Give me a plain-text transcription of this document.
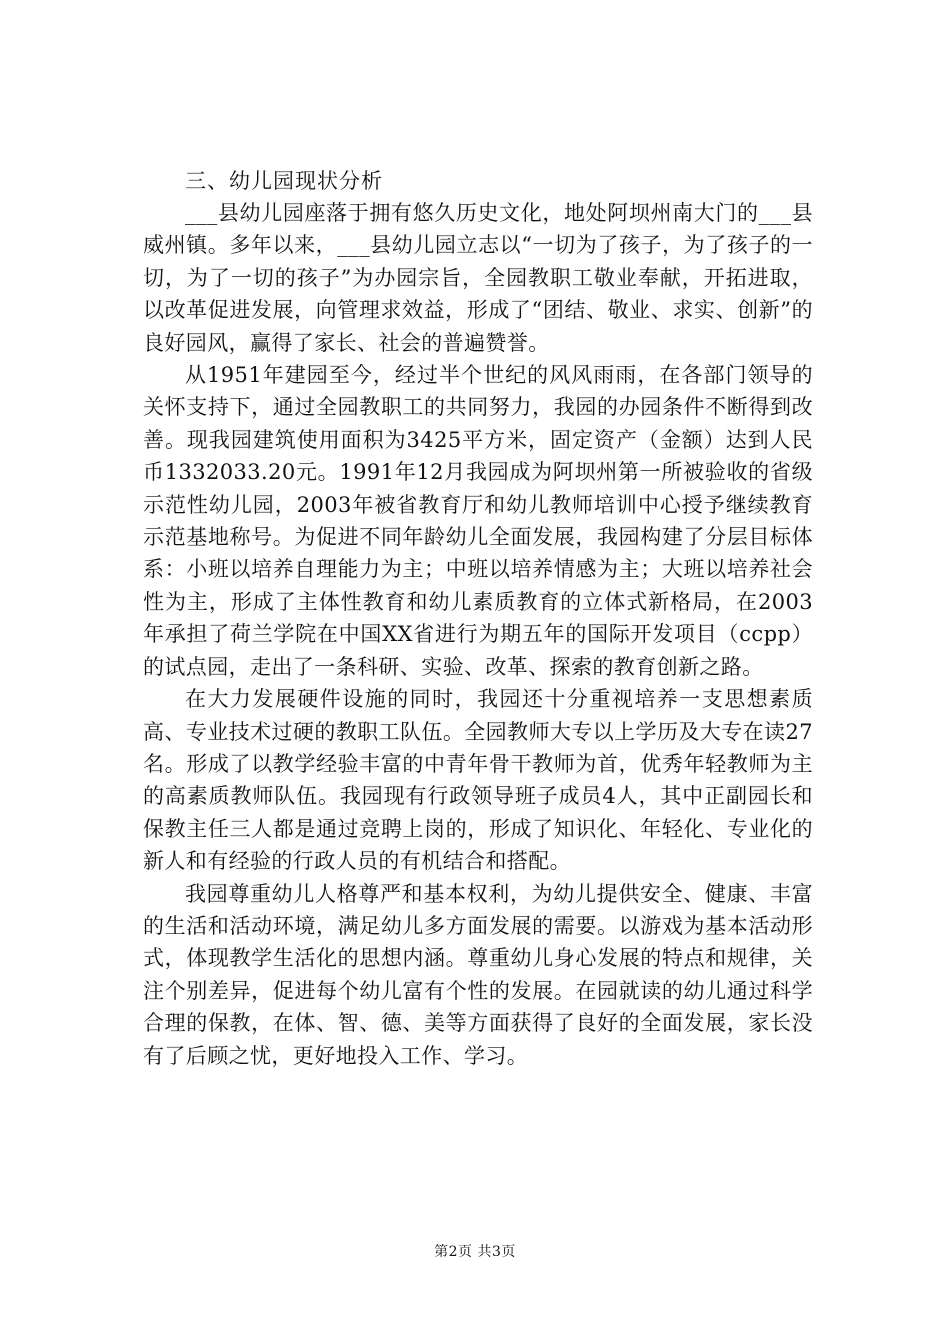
三、幼儿园现状分析

___县幼儿园座落于拥有悠久历史文化，地处阿坝州南大门的___县威州镇。多年以来，___县幼儿园立志以“一切为了孩子，为了孩子的一切，为了一切的孩子”为办园宗旨，全园教职工敬业奉献，开拓进取，以改革促进发展，向管理求效益，形成了“团结、敬业、求实、创新”的良好园风，赢得了家长、社会的普遍赞誉。

从1951年建园至今，经过半个世纪的风风雨雨，在各部门领导的关怀支持下，通过全园教职工的共同努力，我园的办园条件不断得到改善。现我园建筑使用面积为3425平方米，固定资产（金额）达到人民币1332033.20元。1991年12月我园成为阿坝州第一所被验收的省级示范性幼儿园，2003年被省教育厅和幼儿教师培训中心授予继续教育示范基地称号。为促进不同年龄幼儿全面发展，我园构建了分层目标体系：小班以培养自理能力为主；中班以培养情感为主；大班以培养社会性为主，形成了主体性教育和幼儿素质教育的立体式新格局，在2003年承担了荷兰学院在中国XX省进行为期五年的国际开发项目（ccpp）的试点园，走出了一条科研、实验、改革、探索的教育创新之路。

在大力发展硬件设施的同时，我园还十分重视培养一支思想素质高、专业技术过硬的教职工队伍。全园教师大专以上学历及大专在读27名。形成了以教学经验丰富的中青年骨干教师为首，优秀年轻教师为主的高素质教师队伍。我园现有行政领导班子成员4人，其中正副园长和保教主任三人都是通过竞聘上岗的，形成了知识化、年轻化、专业化的新人和有经验的行政人员的有机结合和搭配。

我园尊重幼儿人格尊严和基本权利，为幼儿提供安全、健康、丰富的生活和活动环境，满足幼儿多方面发展的需要。以游戏为基本活动形式，体现教学生活化的思想内涵。尊重幼儿身心发展的特点和规律，关注个别差异，促进每个幼儿富有个性的发展。在园就读的幼儿通过科学合理的保教，在体、智、德、美等方面获得了良好的全面发展，家长没有了后顾之忧，更好地投入工作、学习。

第2页 共3页
